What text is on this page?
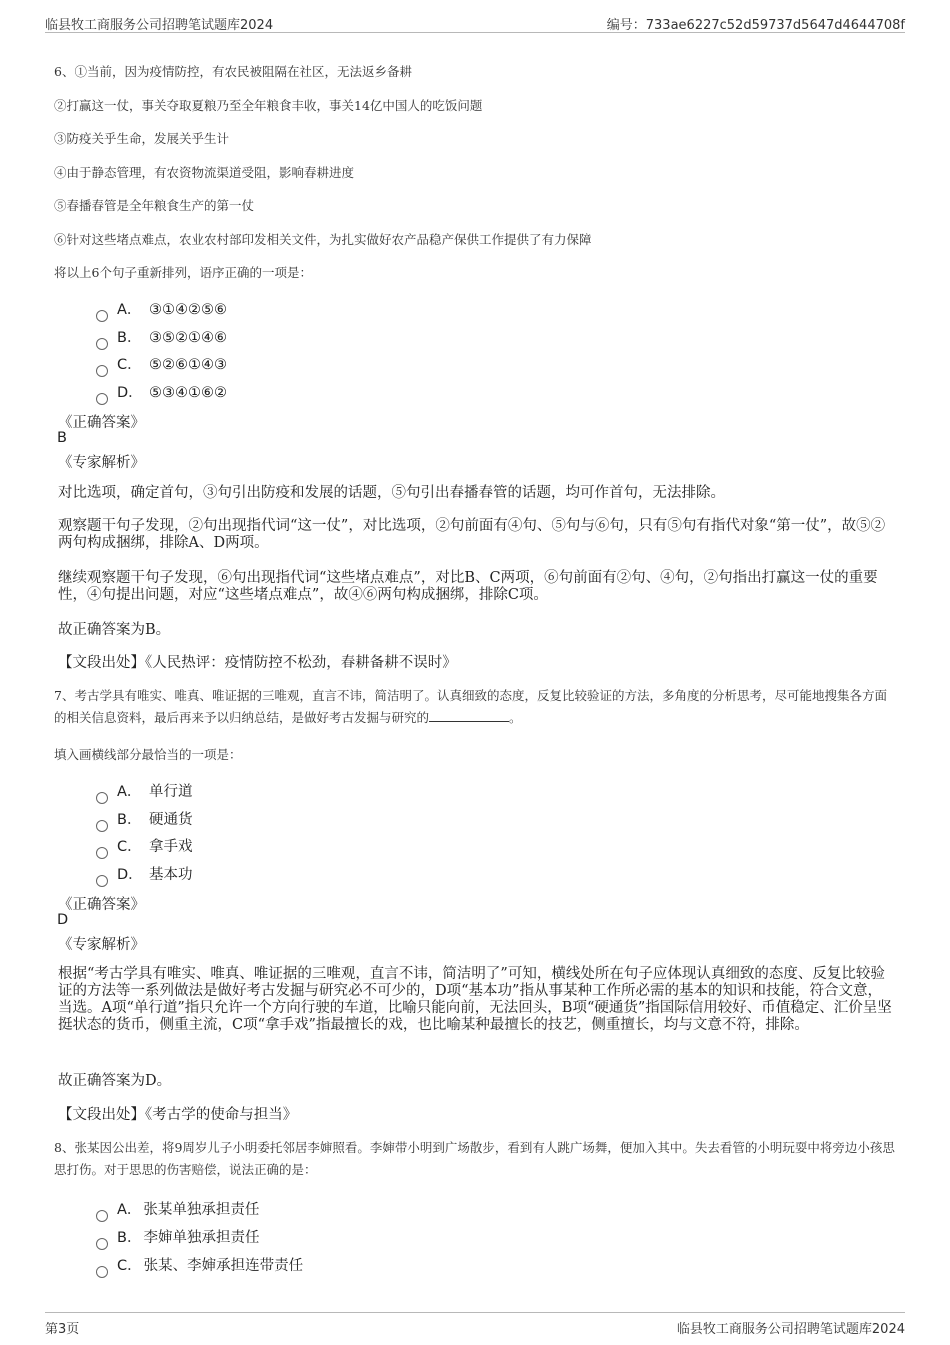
临县牧工商服务公司招聘笔试题库2024	编号：733ae6227c52d59737d5647d4644708f
6、①当前，因为疫情防控，有农民被阻隔在社区，无法返乡备耕
②打赢这一仗，事关夺取夏粮乃至全年粮食丰收，事关14亿中国人的吃饭问题
③防疫关乎生命，发展关乎生计
④由于静态管理，有农资物流渠道受阻，影响春耕进度
⑤春播春管是全年粮食生产的第一仗
⑥针对这些堵点难点，农业农村部印发相关文件，为扎实做好农产品稳产保供工作提供了有力保障
将以上6个句子重新排列，语序正确的一项是：
A． ③①④②⑤⑥
B． ③⑤②①④⑥
C． ⑤②⑥①④③
D． ⑤③④①⑥②
《正确答案》
B
《专家解析》
对比选项，确定首句，③句引出防疫和发展的话题，⑤句引出春播春管的话题，均可作首句，无法排除。
观察题干句子发现，②句出现指代词“这一仗”，对比选项，②句前面有④句、⑤句与⑥句，只有⑤句有指代对象“第一仗”，故⑤②两句构成捆绑，排除A、D两项。
继续观察题干句子发现，⑥句出现指代词“这些堵点难点”，对比B、C两项，⑥句前面有②句、④句，②句指出打赢这一仗的重要性，④句提出问题，对应“这些堵点难点”，故④⑥两句构成捆绑，排除C项。
故正确答案为B。
【文段出处】《人民热评：疫情防控不松劲，春耕备耕不误时》
7、考古学具有唯实、唯真、唯证据的三唯观，直言不讳，简洁明了。认真细致的态度，反复比较验证的方法，多角度的分析思考，尽可能地搜集各方面的相关信息资料，最后再来予以归纳总结，是做好考古发掘与研究的	。
填入画横线部分最恰当的一项是：
A． 单行道
B． 硬通货
C． 拿手戏
D． 基本功
《正确答案》
D
《专家解析》
根据“考古学具有唯实、唯真、唯证据的三唯观，直言不讳，简洁明了”可知，横线处所在句子应体现认真细致的态度、反复比较验证的方法等一系列做法是做好考古发掘与研究必不可少的，D项“基本功”指从事某种工作所必需的基本的知识和技能，符合文意，当选。A项“单行道”指只允许一个方向行驶的车道，比喻只能向前，无法回头，B项“硬通货”指国际信用较好、币值稳定、汇价呈坚挺状态的货币，侧重主流，C项“拿手戏”指最擅长的戏，也比喻某种最擅长的技艺，侧重擅长，均与文意不符，排除。
故正确答案为D。
【文段出处】《考古学的使命与担当》
8、张某因公出差，将9周岁儿子小明委托邻居李婶照看。李婶带小明到广场散步，看到有人跳广场舞，便加入其中。失去看管的小明玩耍中将旁边小孩思思打伤。对于思思的伤害赔偿，说法正确的是：
A． 张某单独承担责任
B． 李婶单独承担责任
C． 张某、李婶承担连带责任
第3页	临县牧工商服务公司招聘笔试题库2024
